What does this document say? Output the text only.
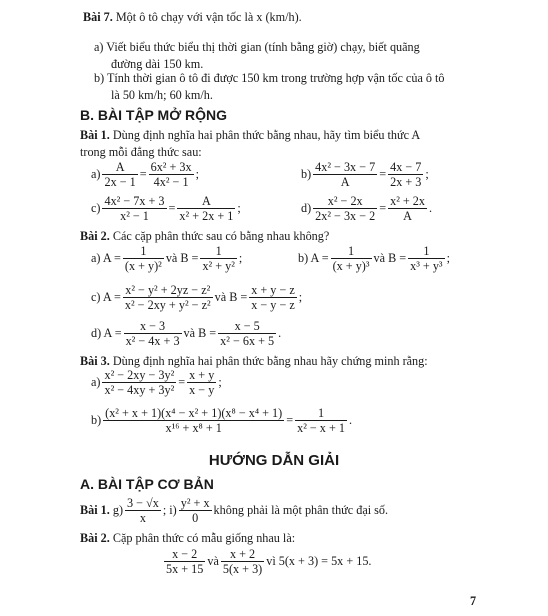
Bài 7. Một ô tô chạy với vận tốc là x (km/h).
a) Viết biểu thức biểu thị thời gian (tính bằng giờ) chạy, biết quãng
đường dài 150 km.
b) Tính thời gian ô tô đi được 150 km trong trường hợp vận tốc của ô tô
là 50 km/h; 60 km/h.
B. BÀI TẬP MỞ RỘNG
Bài 1. Dùng định nghĩa hai phân thức bằng nhau, hãy tìm biểu thức A
trong mỗi đẳng thức sau:
$a) \frac{A}{2x - 1} = \frac{\text{6x² + 3x}}{\text{4x² − 1}}$ ;	$b) \frac{\text{4x² − 3x − 7}}{A} = \frac{4x - 7}{2x + 3}$ ;
$c) \frac{\text{4x² − 7x + 3}}{\text{x² − 1}} = \frac{A}{\text{x² + 2x + 1}}$ ;	$d) \frac{\text{x² − 2x}}{\text{2x² − 3x − 2}} = \frac{\text{x² + 2x}}{A}$ .
Bài 2. Các cặp phân thức sau có bằng nhau không?
a) $A = \frac{1}{\text{(x + y)²}}$ và $B = \frac{1}{\text{x² + y²}}$ ;	b) $A = \frac{1}{\text{(x + y)³}}$ và $B = \frac{1}{\text{x³ + y³}}$ ;
c) $A = \frac{\text{x² − y² + 2yz − z²}}{\text{x² − 2xy + y² − z²}}$ và $B = \frac{x + y - z}{x - y - z}$ ;
d) $A = \frac{x - 3}{\text{x² − 4x + 3}}$ và $B = \frac{x - 5}{\text{x² − 6x + 5}}$ .
Bài 3. Dùng định nghĩa hai phân thức bằng nhau hãy chứng minh rằng:
$a) \frac{\text{x² − 2xy − 3y²}}{\text{x² − 4xy + 3y²}} = \frac{x + y}{x - y}$ ;
$b) \frac{\text{(x² + x + 1)(x⁴ − x² + 1)(x⁸ − x⁴ + 1)}}{\text{x¹⁶ + x⁸ + 1}} = \frac{1}{\text{x² − x + 1}}$ .
HƯỚNG DẪN GIẢI
A. BÀI TẬP CƠ BẢN
Bài 1.
$g) \frac{3 - √x}{x}$ ; $i) \frac{\text{y² + x}}{0}$ không phải là một phân thức đại số.
Bài 2. Cặp phân thức có mẫu giống nhau là:
$\frac{x - 2}{5x + 15}$ và $\frac{x + 2}{5(x + 3)}$ vì 5(x + 3) = 5x + 15.
7
